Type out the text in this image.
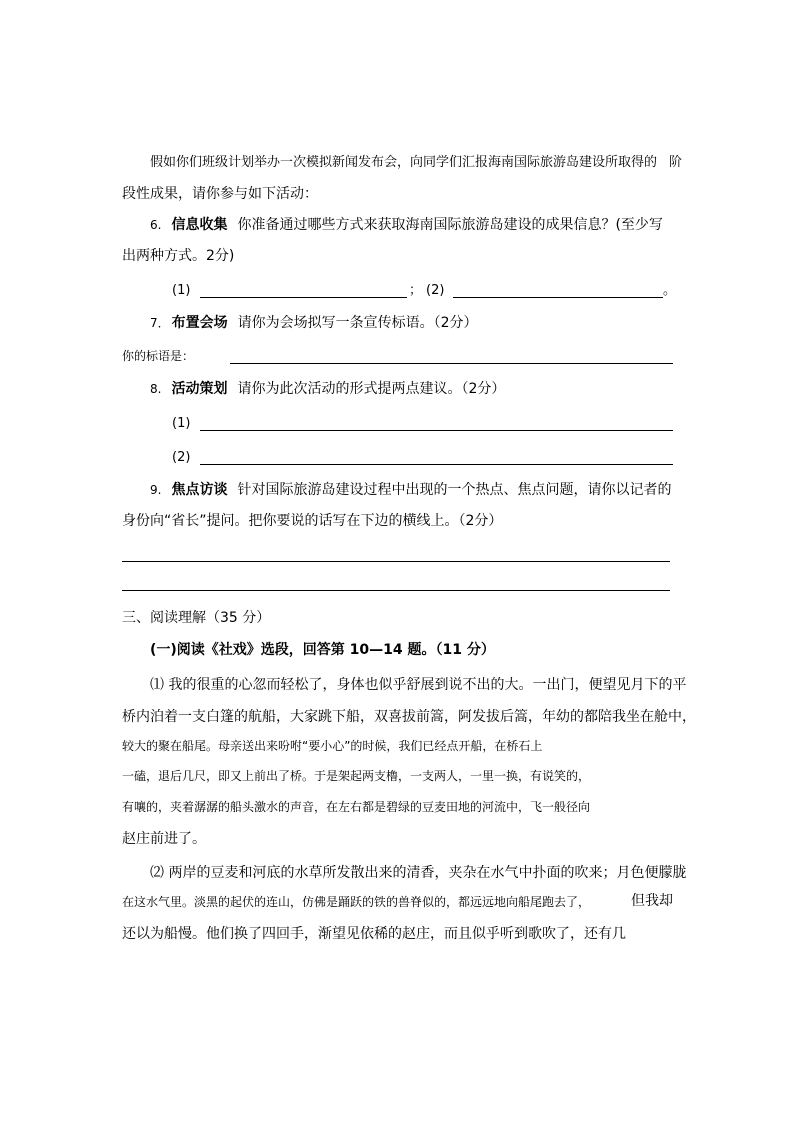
假如你们班级计划举办一次模拟新闻发布会，向同学们汇报海南国际旅游岛建设所取得的 阶
段性成果，请你参与如下活动：
6. 信息收集 你准备通过哪些方式来获取海南国际旅游岛建设的成果信息？(至少写
出两种方式。2分)
(1)	； (2)	。
7． 布置会场 请你为会场拟写一条宣传标语。（2分）
你的标语是：
8. 活动策划 请你为此次活动的形式提两点建议。（2分）
(1)
(2)
9. 焦点访谈 针对国际旅游岛建设过程中出现的一个热点、焦点问题，请你以记者的
身份向“省长”提问。把你要说的话写在下边的横线上。（2分）
三、阅读理解（35 分）
(一)阅读《社戏》选段，回答第 10—14 题。（11 分）
⑴ 我的很重的心忽而轻松了，身体也似乎舒展到说不出的大。一出门，便望见月下的平
桥内泊着一支白篷的航船，大家跳下船，双喜拔前篙，阿发拔后篙，年幼的都陪我坐在舱中，
较大的聚在船尾。母亲送出来吩咐“要小心”的时候，我们已经点开船，在桥石上
一磕，退后几尺，即又上前出了桥。于是架起两支橹，一支两人，一里一换，有说笑的，
有嚷的，夹着潺潺的船头激水的声音，在左右都是碧绿的豆麦田地的河流中，飞一般径向
赵庄前进了。
⑵ 两岸的豆麦和河底的水草所发散出来的清香，夹杂在水气中扑面的吹来；月色便朦胧
在这水气里。淡黑的起伏的连山，仿佛是踊跃的铁的兽脊似的，都远远地向船尾跑去了，	但我却
还以为船慢。他们换了四回手，渐望见依稀的赵庄，而且似乎听到歌吹了，还有几
